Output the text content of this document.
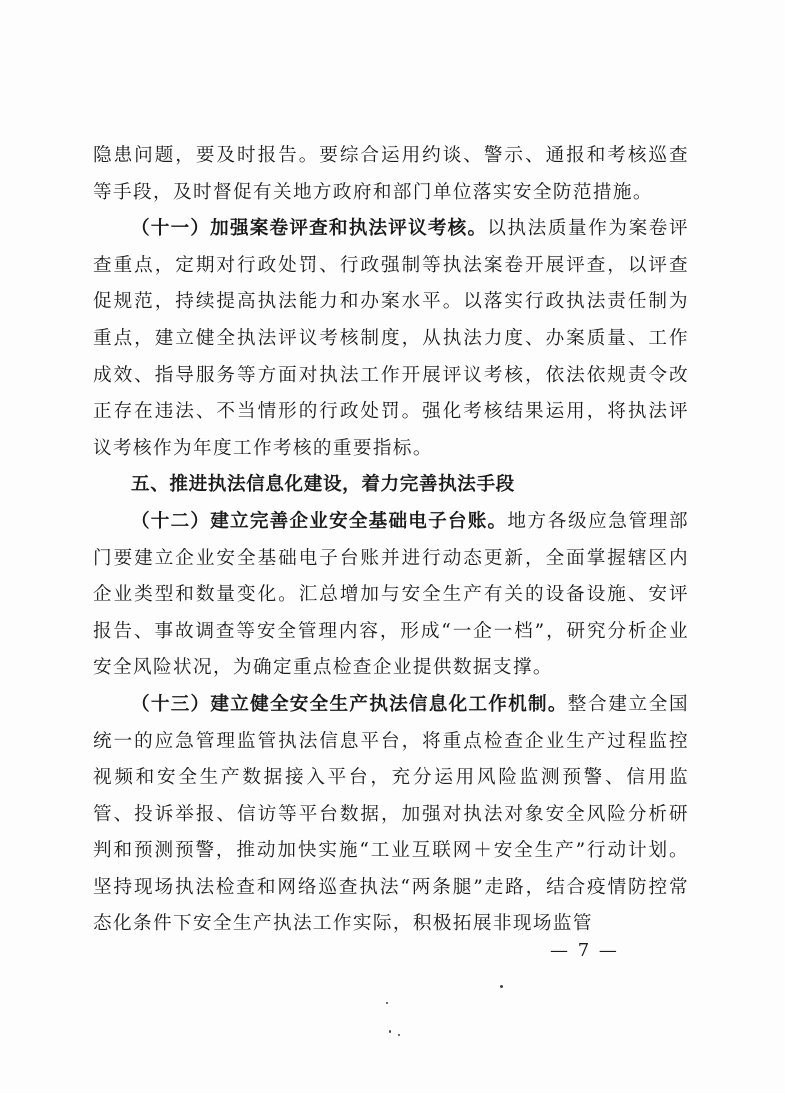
隐患问题，要及时报告。要综合运用约谈、警示、通报和考核巡查等手段，及时督促有关地方政府和部门单位落实安全防范措施。

（十一）加强案卷评查和执法评议考核。以执法质量作为案卷评查重点，定期对行政处罚、行政强制等执法案卷开展评查，以评查促规范，持续提高执法能力和办案水平。以落实行政执法责任制为重点，建立健全执法评议考核制度，从执法力度、办案质量、工作成效、指导服务等方面对执法工作开展评议考核，依法依规责令改正存在违法、不当情形的行政处罚。强化考核结果运用，将执法评议考核作为年度工作考核的重要指标。

五、推进执法信息化建设，着力完善执法手段

（十二）建立完善企业安全基础电子台账。地方各级应急管理部门要建立企业安全基础电子台账并进行动态更新，全面掌握辖区内企业类型和数量变化。汇总增加与安全生产有关的设备设施、安评报告、事故调查等安全管理内容，形成“一企一档”，研究分析企业安全风险状况，为确定重点检查企业提供数据支撑。

（十三）建立健全安全生产执法信息化工作机制。整合建立全国统一的应急管理监管执法信息平台，将重点检查企业生产过程监控视频和安全生产数据接入平台，充分运用风险监测预警、信用监管、投诉举报、信访等平台数据，加强对执法对象安全风险分析研判和预测预警，推动加快实施“工业互联网＋安全生产”行动计划。坚持现场执法检查和网络巡查执法“两条腿”走路，结合疫情防控常态化条件下安全生产执法工作实际，积极拓展非现场监管

— 7 —
